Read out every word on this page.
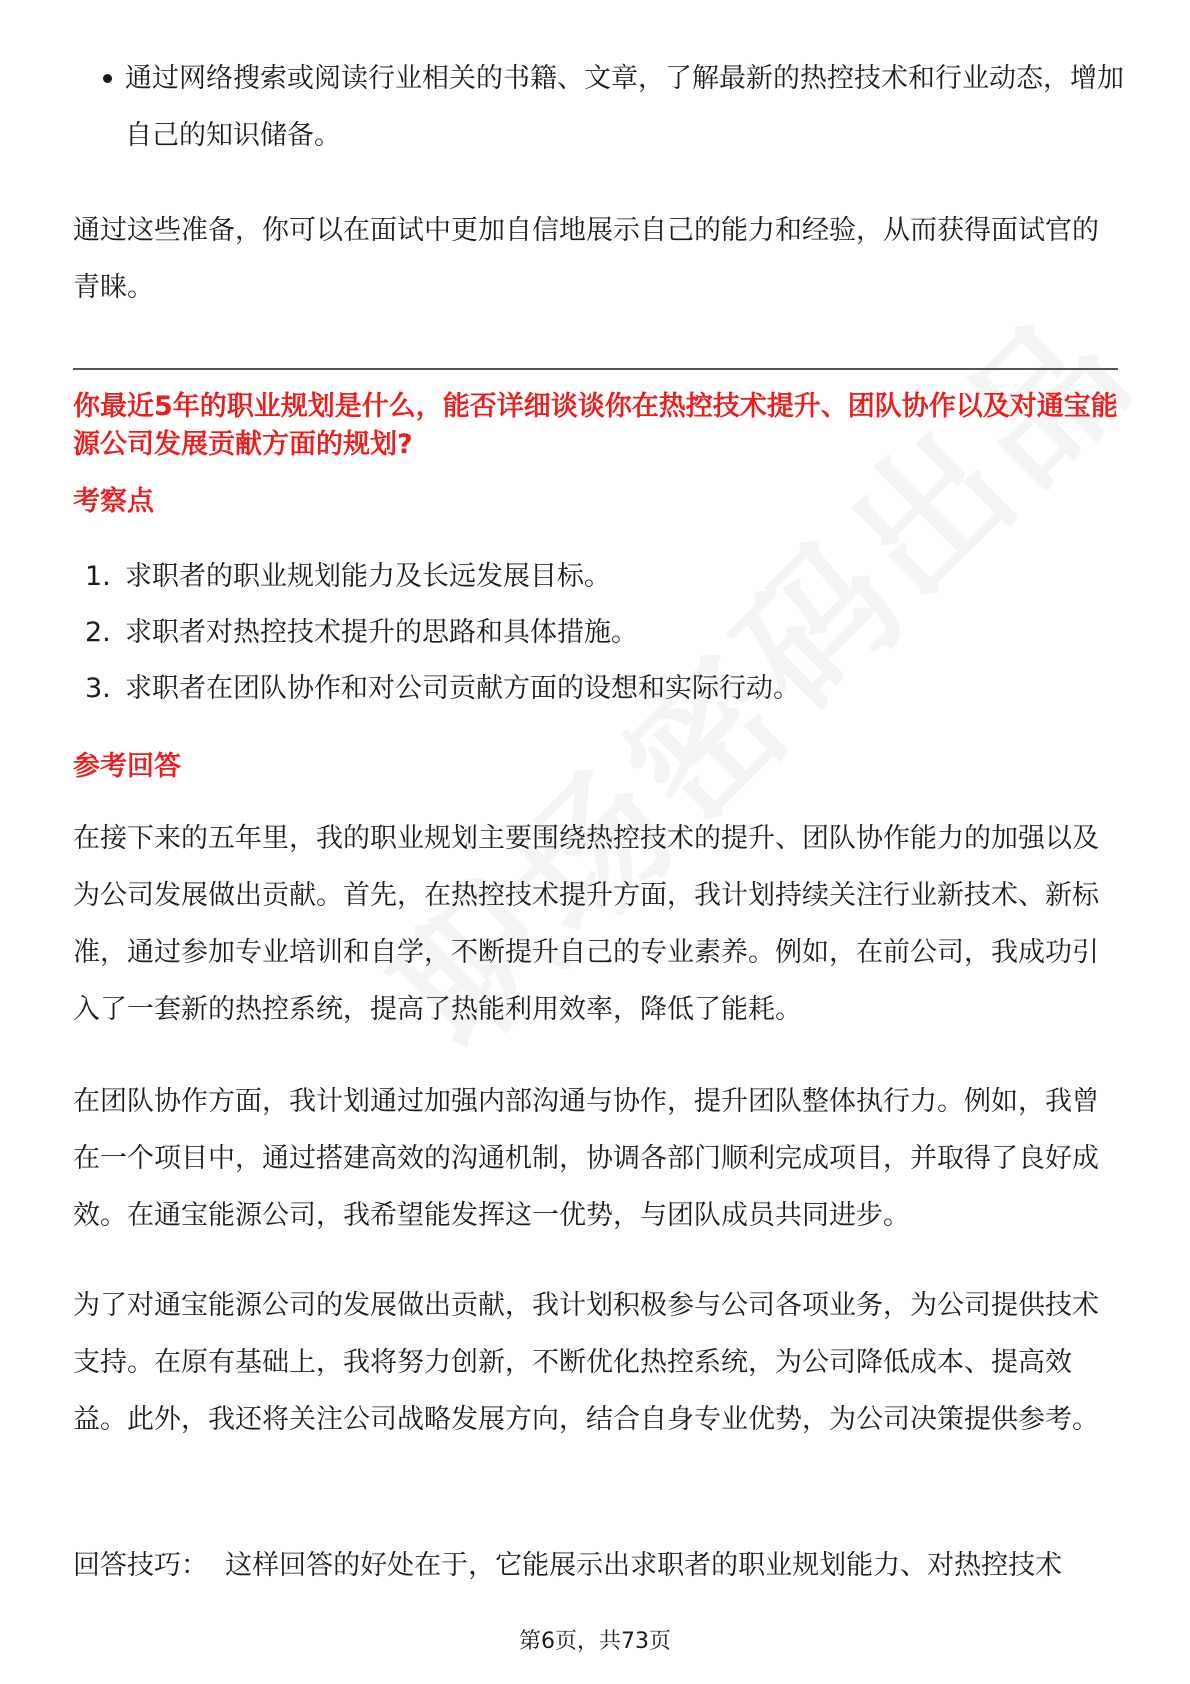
通过网络搜索或阅读行业相关的书籍、文章，了解最新的热控技术和行业动态，增加自己的知识储备。
通过这些准备，你可以在面试中更加自信地展示自己的能力和经验，从而获得面试官的青睐。
你最近5年的职业规划是什么，能否详细谈谈你在热控技术提升、团队协作以及对通宝能源公司发展贡献方面的规划?
考察点
1. 求职者的职业规划能力及长远发展目标。
2. 求职者对热控技术提升的思路和具体措施。
3. 求职者在团队协作和对公司贡献方面的设想和实际行动。
参考回答
在接下来的五年里，我的职业规划主要围绕热控技术的提升、团队协作能力的加强以及为公司发展做出贡献。首先，在热控技术提升方面，我计划持续关注行业新技术、新标准，通过参加专业培训和自学，不断提升自己的专业素养。例如，在前公司，我成功引入了一套新的热控系统，提高了热能利用效率，降低了能耗。
在团队协作方面，我计划通过加强内部沟通与协作，提升团队整体执行力。例如，我曾在一个项目中，通过搭建高效的沟通机制，协调各部门顺利完成项目，并取得了良好成效。在通宝能源公司，我希望能发挥这一优势，与团队成员共同进步。
为了对通宝能源公司的发展做出贡献，我计划积极参与公司各项业务，为公司提供技术支持。在原有基础上，我将努力创新，不断优化热控系统，为公司降低成本、提高效益。此外，我还将关注公司战略发展方向，结合自身专业优势，为公司决策提供参考。
回答技巧：  这样回答的好处在于，它能展示出求职者的职业规划能力、对热控技术
第6页，共73页
